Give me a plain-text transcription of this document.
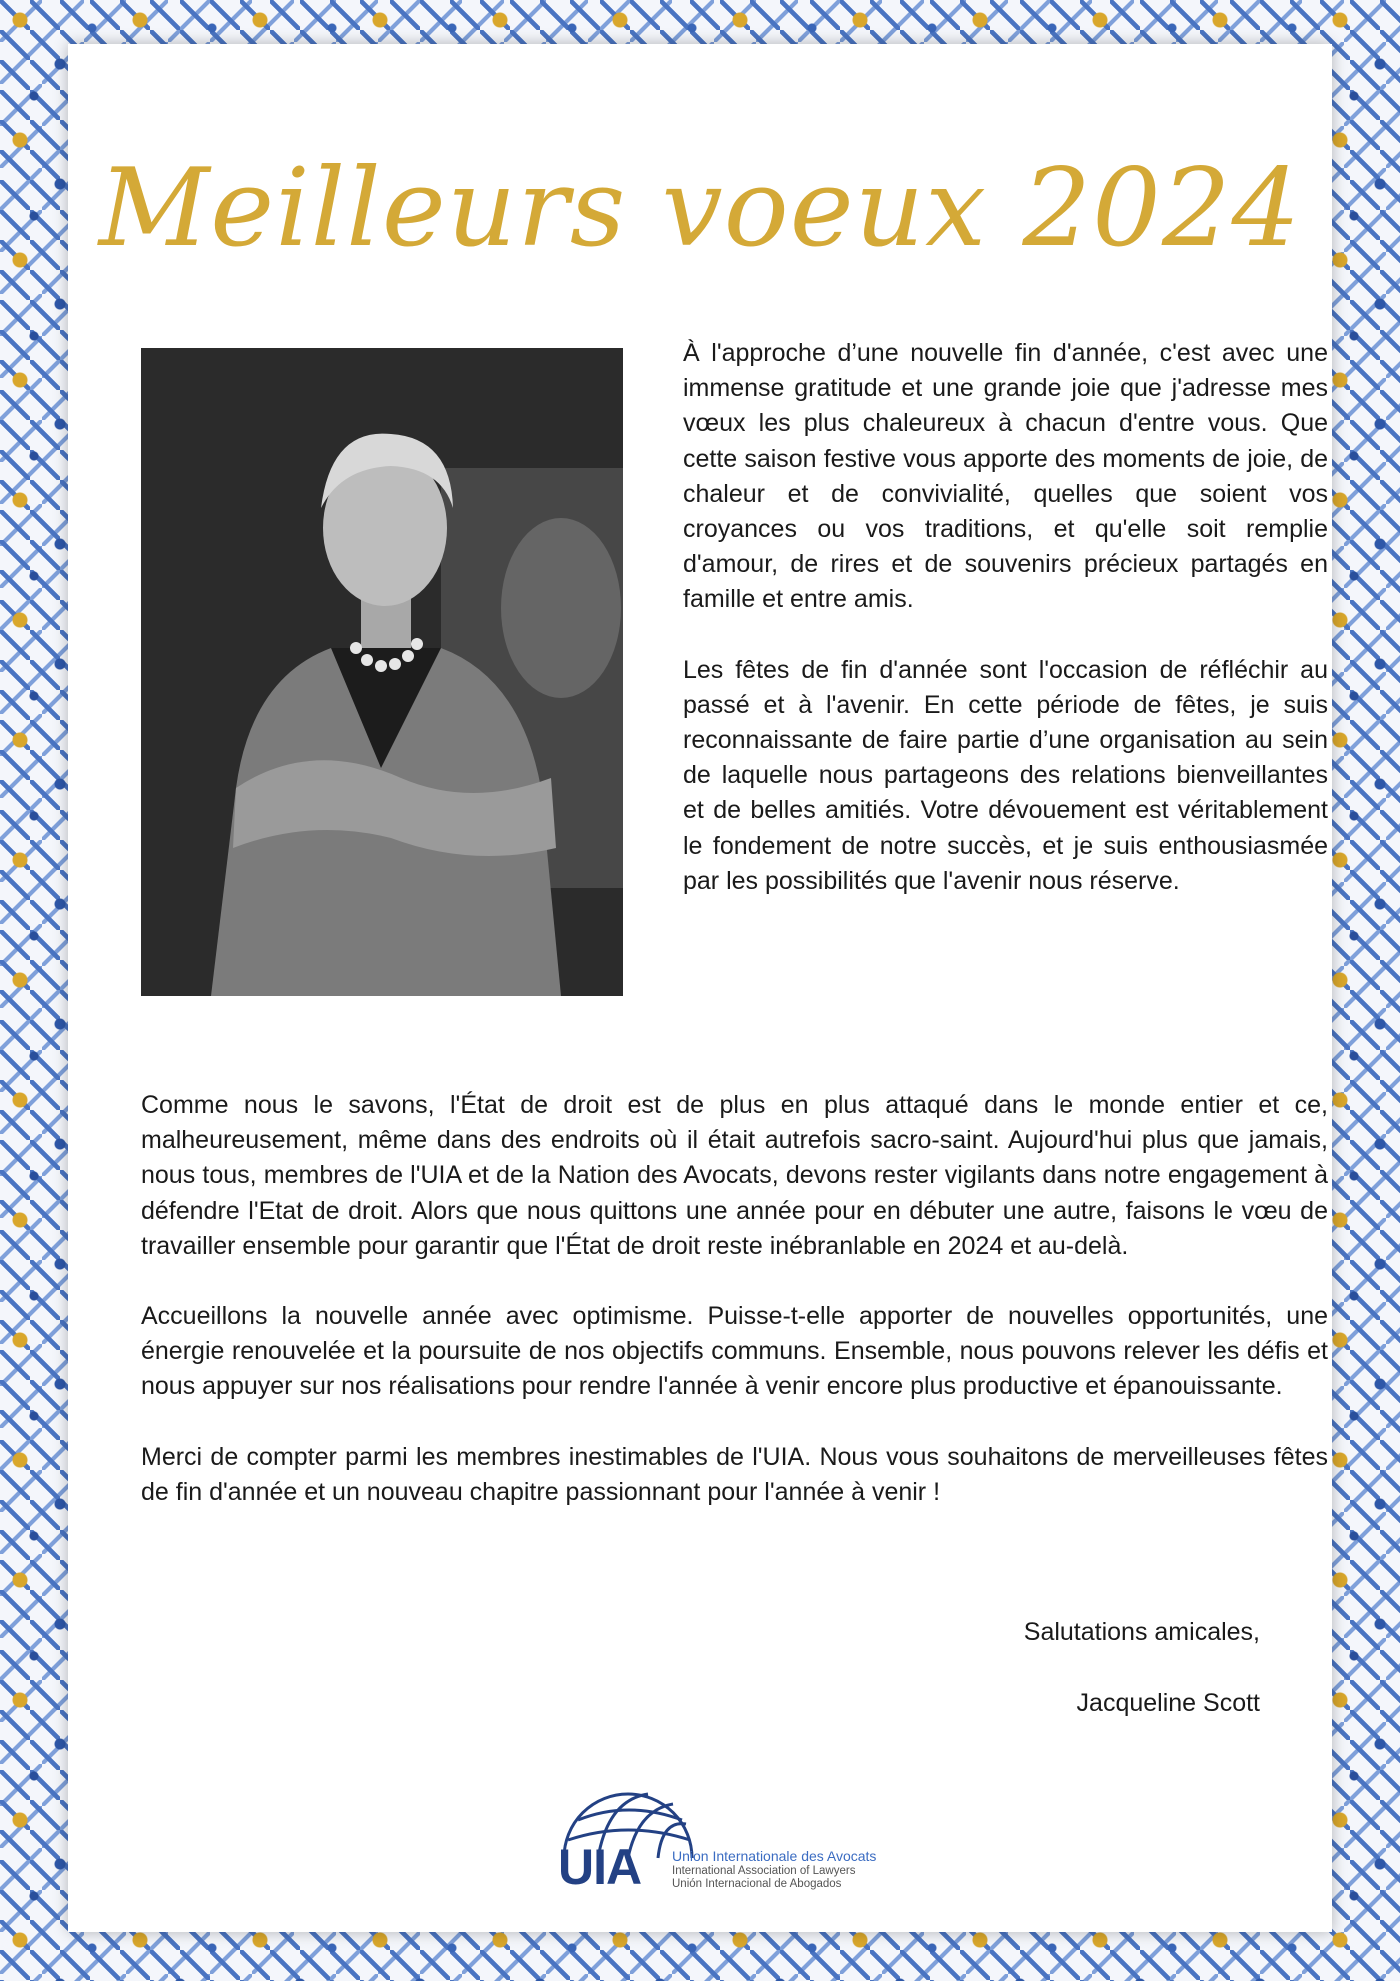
Meilleurs voeux 2024

À l'approche d’une nouvelle fin d'année, c'est avec une immense gratitude et une grande joie que j'adresse mes vœux les plus chaleureux à chacun d'entre vous. Que cette saison festive vous apporte des moments de joie, de chaleur et de convivialité, quelles que soient vos croyances ou vos traditions, et qu'elle soit remplie d'amour, de rires et de souvenirs précieux partagés en famille et entre amis.

Les fêtes de fin d'année sont l'occasion de réfléchir au passé et à l'avenir. En cette période de fêtes, je suis reconnaissante de faire partie d’une organisation au sein de laquelle nous partageons des relations bienveillantes et de belles amitiés. Votre dévouement est véritablement le fondement de notre succès, et je suis enthousiasmée par les possibilités que l'avenir nous réserve.

Comme nous le savons, l'État de droit est de plus en plus attaqué dans le monde entier et ce, malheureusement, même dans des endroits où il était autrefois sacro-saint. Aujourd'hui plus que jamais, nous tous, membres de l'UIA et de la Nation des Avocats, devons rester vigilants dans notre engagement à défendre l'Etat de droit. Alors que nous quittons une année pour en débuter une autre, faisons le vœu de travailler ensemble pour garantir que l'État de droit reste inébranlable en 2024 et au-delà.

Accueillons la nouvelle année avec optimisme. Puisse-t-elle apporter de nouvelles opportunités, une énergie renouvelée et la poursuite de nos objectifs communs. Ensemble, nous pouvons relever les défis et nous appuyer sur nos réalisations pour rendre l'année à venir encore plus productive et épanouissante.

Merci de compter parmi les membres inestimables de l'UIA. Nous vous souhaitons de merveilleuses fêtes de fin d'année et un nouveau chapitre passionnant pour l'année à venir !

Salutations amicales,
Jacqueline Scott
UIA Union Internationale des Avocats
International Association of Lawyers
Unión Internacional de Abogados
